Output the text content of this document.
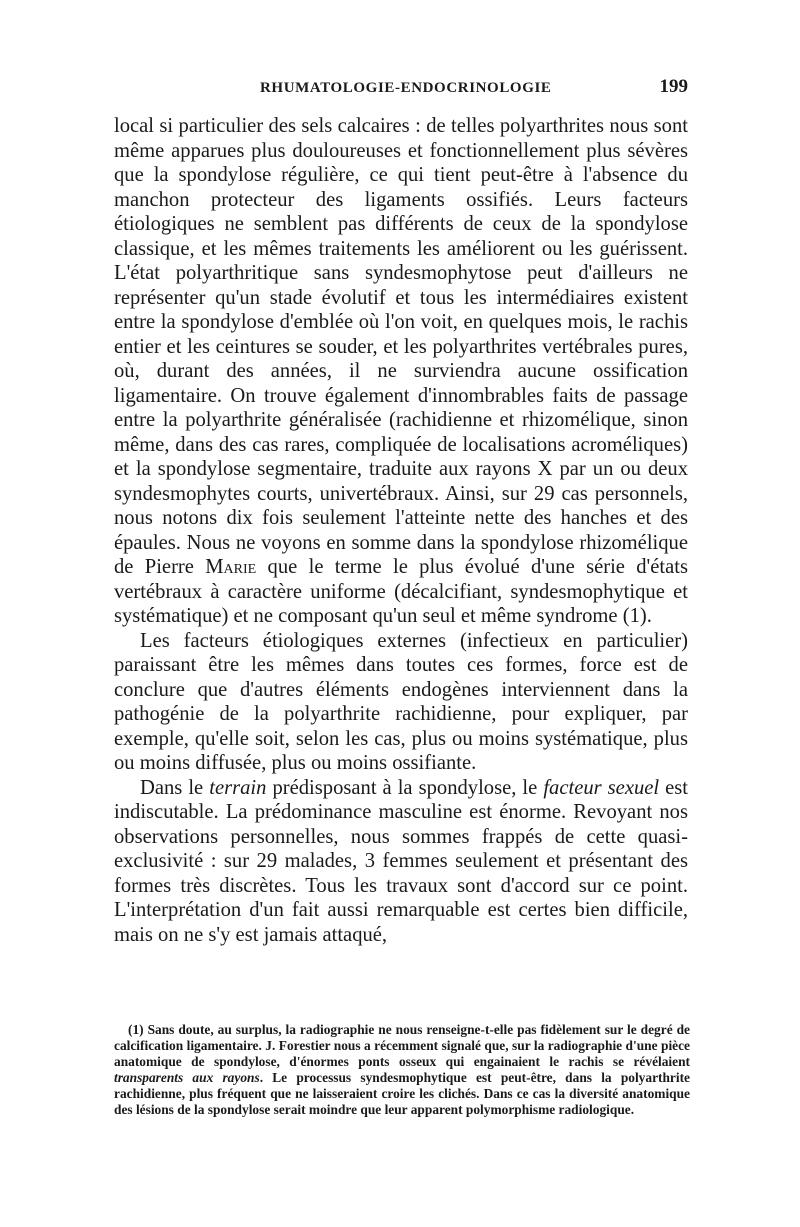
RHUMATOLOGIE-ENDOCRINOLOGIE	199

local si particulier des sels calcaires : de telles polyarthrites nous sont même apparues plus douloureuses et fonctionnellement plus sévères que la spondylose régulière, ce qui tient peut-être à l'absence du manchon protecteur des ligaments ossifiés. Leurs facteurs étiologiques ne semblent pas différents de ceux de la spondylose classique, et les mêmes traitements les améliorent ou les guérissent. L'état polyarthritique sans syndesmophytose peut d'ailleurs ne représenter qu'un stade évolutif et tous les intermédiaires existent entre la spondylose d'emblée où l'on voit, en quelques mois, le rachis entier et les ceintures se souder, et les polyarthrites vertébrales pures, où, durant des années, il ne surviendra aucune ossification ligamentaire. On trouve également d'innombrables faits de passage entre la polyarthrite généralisée (rachidienne et rhizomélique, sinon même, dans des cas rares, compliquée de localisations acroméliques) et la spondylose segmentaire, traduite aux rayons X par un ou deux syndesmophytes courts, univertébraux. Ainsi, sur 29 cas personnels, nous notons dix fois seulement l'atteinte nette des hanches et des épaules. Nous ne voyons en somme dans la spondylose rhizomélique de Pierre Marie que le terme le plus évolué d'une série d'états vertébraux à caractère uniforme (décalcifiant, syndesmophytique et systématique) et ne composant qu'un seul et même syndrome (1).

Les facteurs étiologiques externes (infectieux en particulier) paraissant être les mêmes dans toutes ces formes, force est de conclure que d'autres éléments endogènes interviennent dans la pathogénie de la polyarthrite rachidienne, pour expliquer, par exemple, qu'elle soit, selon les cas, plus ou moins systématique, plus ou moins diffusée, plus ou moins ossifiante.

Dans le terrain prédisposant à la spondylose, le facteur sexuel est indiscutable. La prédominance masculine est énorme. Revoyant nos observations personnelles, nous sommes frappés de cette quasi-exclusivité : sur 29 malades, 3 femmes seulement et présentant des formes très discrètes. Tous les travaux sont d'accord sur ce point. L'interprétation d'un fait aussi remarquable est certes bien difficile, mais on ne s'y est jamais attaqué,

(1) Sans doute, au surplus, la radiographie ne nous renseigne-t-elle pas fidèlement sur le degré de calcification ligamentaire. J. Forestier nous a récemment signalé que, sur la radiographie d'une pièce anatomique de spondylose, d'énormes ponts osseux qui engainaient le rachis se révélaient transparents aux rayons. Le processus syndesmophytique est peut-être, dans la polyarthrite rachidienne, plus fréquent que ne laisseraient croire les clichés. Dans ce cas la diversité anatomique des lésions de la spondylose serait moindre que leur apparent polymorphisme radiologique.
